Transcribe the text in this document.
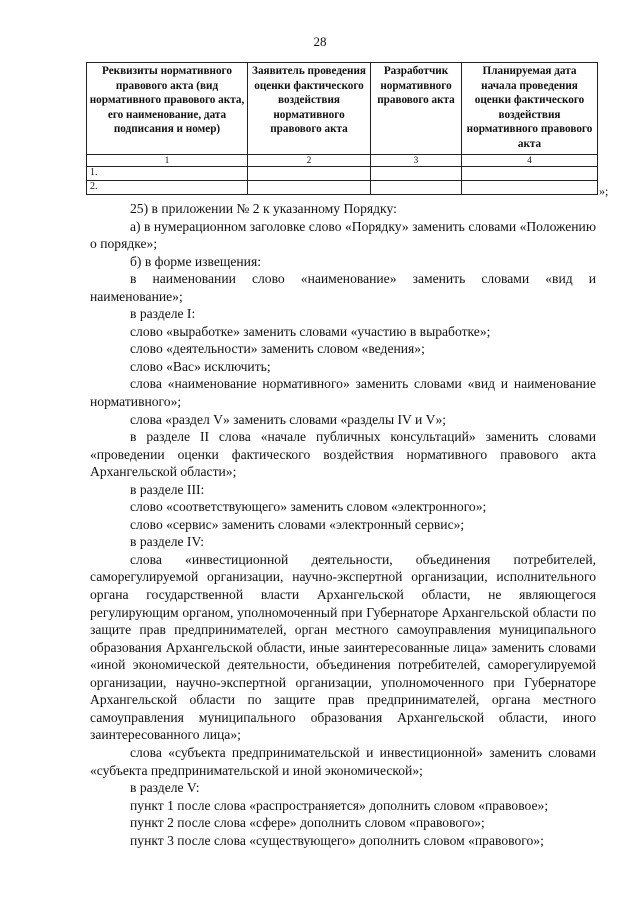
28
Реквизиты нормативного правового акта (вид нормативного правового акта, его наименование, дата подписания и номер)	Заявитель проведения оценки фактического воздействия нормативного правового акта	Разработчик нормативного правового акта	Планируемая дата начала проведения оценки фактического воздействия нормативного правового акта
1	2	3	4
1.			
2.				»;

25) в приложении № 2 к указанному Порядку:

а) в нумерационном заголовке слово «Порядку» заменить словами «Положению о порядке»;

б) в форме извещения:

в наименовании слово «наименование» заменить словами «вид и наименование»;

в разделе I:

слово «выработке» заменить словами «участию в выработке»;

слово «деятельности» заменить словом «ведения»;

слово «Вас» исключить;

слова «наименование нормативного» заменить словами «вид и наименование нормативного»;

слова «раздел V» заменить словами «разделы IV и V»;

в разделе II слова «начале публичных консультаций» заменить словами «проведении оценки фактического воздействия нормативного правового акта Архангельской области»;

в разделе III:

слово «соответствующего» заменить словом «электронного»;

слово «сервис» заменить словами «электронный сервис»;

в разделе IV:

слова «инвестиционной деятельности, объединения потребителей, саморегулируемой организации, научно-экспертной организации, исполнительного органа государственной власти Архангельской области, не являющегося регулирующим органом, уполномоченный при Губернаторе Архангельской области по защите прав предпринимателей, орган местного самоуправления муниципального образования Архангельской области, иные заинтересованные лица» заменить словами «иной экономической деятельности, объединения потребителей, саморегулируемой организации, научно-экспертной организации, уполномоченного при Губернаторе Архангельской области по защите прав предпринимателей, органа местного самоуправления муниципального образования Архангельской области, иного заинтересованного лица»;

слова «субъекта предпринимательской и инвестиционной» заменить словами «субъекта предпринимательской и иной экономической»;

в разделе V:

пункт 1 после слова «распространяется» дополнить словом «правовое»;

пункт 2 после слова «сфере» дополнить словом «правового»;

пункт 3 после слова «существующего» дополнить словом «правового»;
